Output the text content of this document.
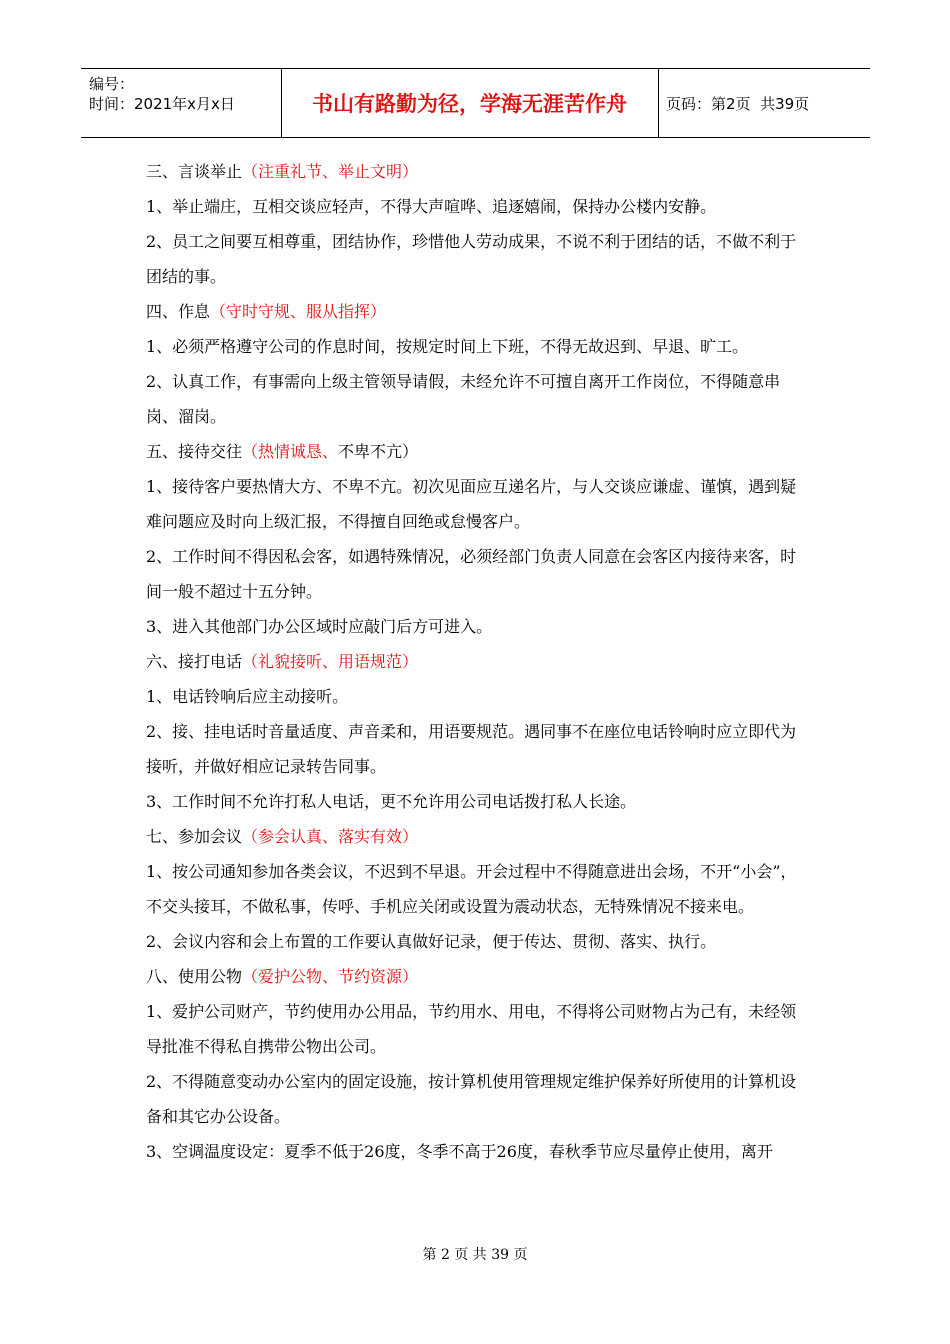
编号：
时间：2021年x月x日	书山有路勤为径，学海无涯苦作舟	页码：第2页  共39页

三、言谈举止（注重礼节、举止文明）

1、举止端庄，互相交谈应轻声，不得大声喧哗、追逐嬉闹，保持办公楼内安静。

2、员工之间要互相尊重，团结协作，珍惜他人劳动成果，不说不利于团结的话，不做不利于团结的事。

四、作息（守时守规、服从指挥）

1、必须严格遵守公司的作息时间，按规定时间上下班，不得无故迟到、早退、旷工。

2、认真工作，有事需向上级主管领导请假，未经允许不可擅自离开工作岗位，不得随意串岗、溜岗。

五、接待交往（热情诚恳、不卑不亢）

1、接待客户要热情大方、不卑不亢。初次见面应互递名片，与人交谈应谦虚、谨慎，遇到疑难问题应及时向上级汇报，不得擅自回绝或怠慢客户。

2、工作时间不得因私会客，如遇特殊情况，必须经部门负责人同意在会客区内接待来客，时间一般不超过十五分钟。

3、进入其他部门办公区域时应敲门后方可进入。

六、接打电话（礼貌接听、用语规范）

1、电话铃响后应主动接听。

2、接、挂电话时音量适度、声音柔和，用语要规范。遇同事不在座位电话铃响时应立即代为接听，并做好相应记录转告同事。

3、工作时间不允许打私人电话，更不允许用公司电话拨打私人长途。

七、参加会议（参会认真、落实有效）

1、按公司通知参加各类会议，不迟到不早退。开会过程中不得随意进出会场，不开“小会”，不交头接耳，不做私事，传呼、手机应关闭或设置为震动状态，无特殊情况不接来电。

2、会议内容和会上布置的工作要认真做好记录，便于传达、贯彻、落实、执行。

八、使用公物（爱护公物、节约资源）

1、爱护公司财产，节约使用办公用品，节约用水、用电，不得将公司财物占为己有，未经领导批准不得私自携带公物出公司。

2、不得随意变动办公室内的固定设施，按计算机使用管理规定维护保养好所使用的计算机设备和其它办公设备。

3、空调温度设定：夏季不低于26度，冬季不高于26度，春秋季节应尽量停止使用，离开

第 2 页 共 39 页
